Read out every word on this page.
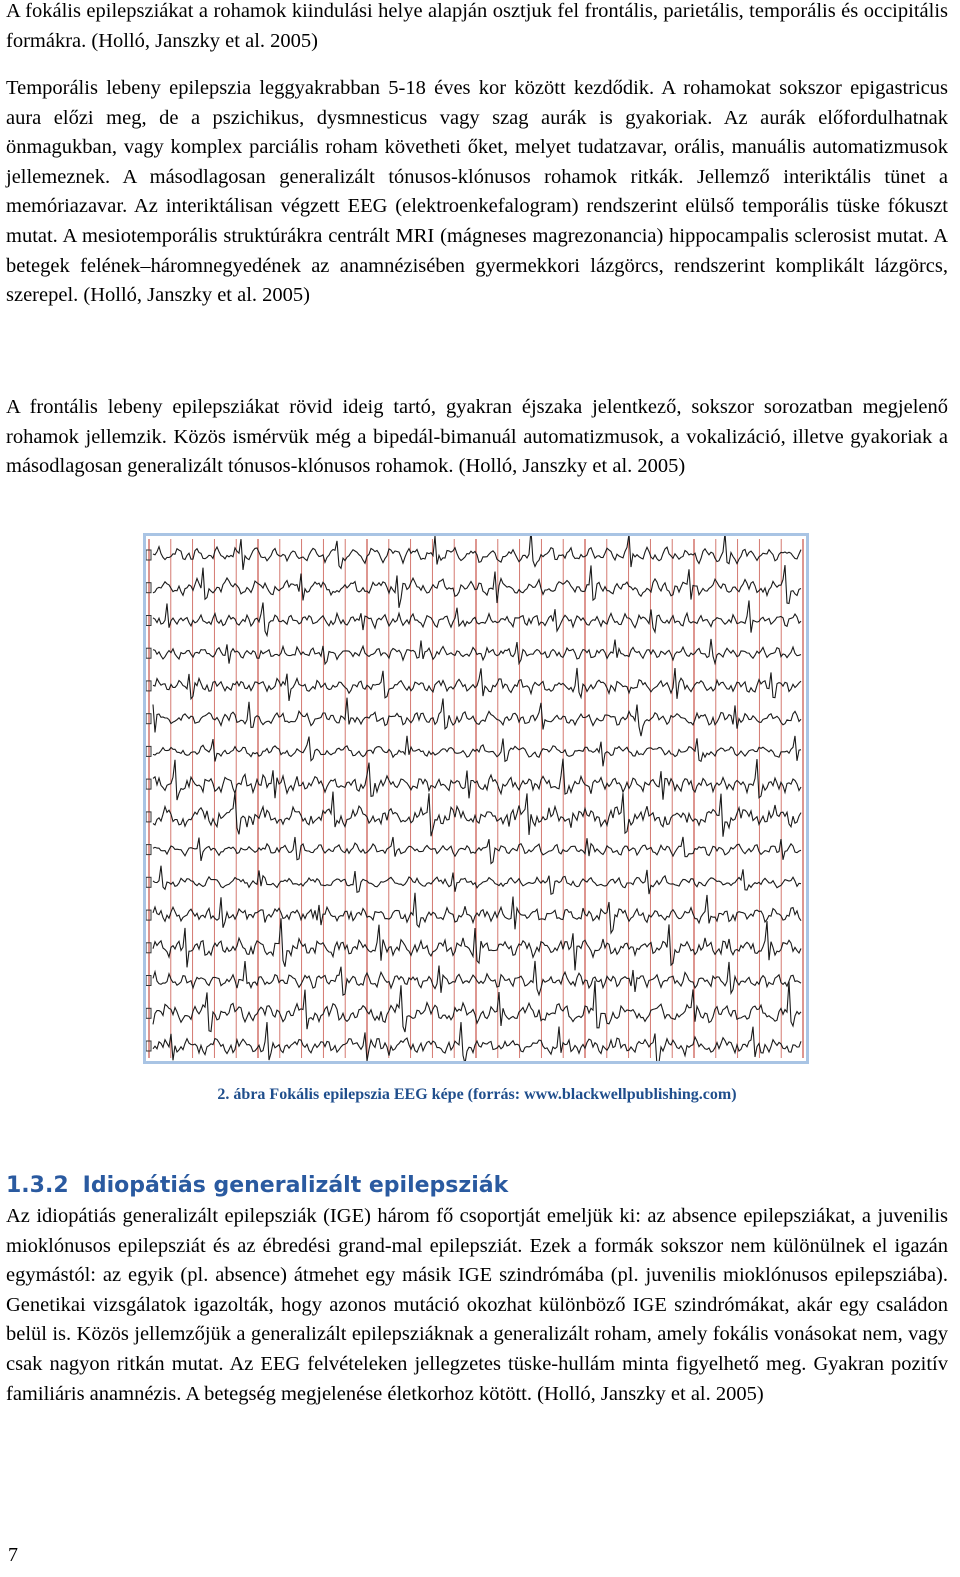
A fokális epilepsziákat a rohamok kiindulási helye alapján osztjuk fel frontális, parietális, temporális és occipitális formákra. (Holló, Janszky et al. 2005)

Temporális lebeny epilepszia leggyakrabban 5-18 éves kor között kezdődik. A rohamokat sokszor epigastricus aura előzi meg, de a pszichikus, dysmnesticus vagy szag aurák is gyakoriak. Az aurák előfordulhatnak önmagukban, vagy komplex parciális roham követheti őket, melyet tudatzavar, orális, manuális automatizmusok jellemeznek. A másodlagosan generalizált tónusos-klónusos rohamok ritkák. Jellemző interiktális tünet a memóriazavar. Az interiktálisan végzett EEG (elektroenkefalogram) rendszerint elülső temporális tüske fókuszt mutat. A mesiotemporális struktúrákra centrált MRI (mágneses magrezonancia) hippocampalis sclerosist mutat. A betegek felének–háromnegyedének az anamnézisében gyermekkori lázgörcs, rendszerint komplikált lázgörcs, szerepel. (Holló, Janszky et al. 2005)

A frontális lebeny epilepsziákat rövid ideig tartó, gyakran éjszaka jelentkező, sokszor sorozatban megjelenő rohamok jellemzik. Közös ismérvük még a bipedál-bimanuál automatizmusok, a vokalizáció, illetve gyakoriak a másodlagosan generalizált tónusos-klónusos rohamok. (Holló, Janszky et al. 2005)

2. ábra Fokális epilepszia EEG képe (forrás: www.blackwellpublishing.com)

1.3.2 Idiopátiás generalizált epilepsziák

Az idiopátiás generalizált epilepsziák (IGE) három fő csoportját emeljük ki: az absence epilepsziákat, a juvenilis mioklónusos epilepsziát és az ébredési grand-mal epilepsziát. Ezek a formák sokszor nem különülnek el igazán egymástól: az egyik (pl. absence) átmehet egy másik IGE szindrómába (pl. juvenilis mioklónusos epilepsziába). Genetikai vizsgálatok igazolták, hogy azonos mutáció okozhat különböző IGE szindrómákat, akár egy családon belül is. Közös jellemzőjük a generalizált epilepsziáknak a generalizált roham, amely fokális vonásokat nem, vagy csak nagyon ritkán mutat. Az EEG felvételeken jellegzetes tüske-hullám minta figyelhető meg. Gyakran pozitív familiáris anamnézis. A betegség megjelenése életkorhoz kötött. (Holló, Janszky et al. 2005)

7
